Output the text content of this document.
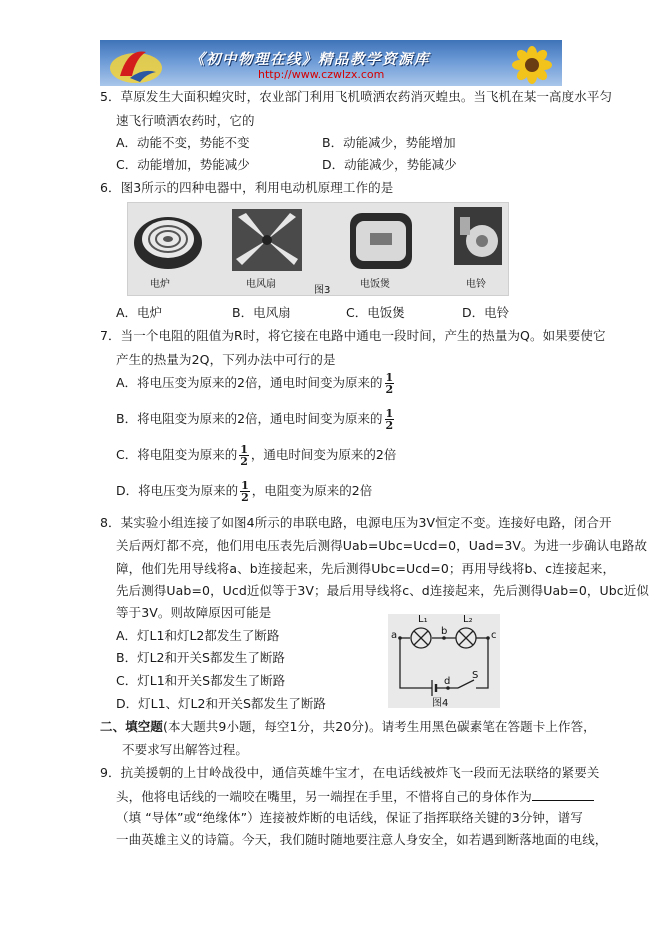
《初中物理在线》精品教学资源库
http://www.czwlzx.com
5．草原发生大面积蝗灾时，农业部门利用飞机喷洒农药消灭蝗虫。当飞机在某一高度水平匀
速飞行喷洒农药时，它的
A．动能不变，势能不变	B．动能减少，势能增加
C．动能增加，势能减少	D．动能减少，势能减少
6．图3所示的四种电器中，利用电动机原理工作的是
电炉	电风扇
图3
电饭煲	电铃
A．电炉	B．电风扇	C．电饭煲	D．电铃
7．当一个电阻的阻值为R时，将它接在电路中通电一段时间，产生的热量为Q。如果要使它
产生的热量为2Q，下列办法中可行的是
A．将电压变为原来的2倍，通电时间变为原来的 $\frac{1}{2}$
B．将电阻变为原来的2倍，通电时间变为原来的 $\frac{1}{2}$
C．将电阻变为原来的 $\frac{1}{2}$ ，通电时间变为原来的2倍
D．将电压变为原来的 $\frac{1}{2}$ ，电阻变为原来的2倍
8．某实验小组连接了如图4所示的串联电路，电源电压为3V恒定不变。连接好电路，闭合开
关后两灯都不亮，他们用电压表先后测得Uab=Ubc=Ucd=0，Uad=3V。为进一步确认电路故
障，他们先用导线将a、b连接起来，先后测得Ubc=Ucd=0；再用导线将b、c连接起来，
先后测得Uab=0，Ucd近似等于3V；最后用导线将c、d连接起来，先后测得Uab=0，Ubc近似
等于3V。则故障原因可能是
A．灯L1和灯L2都发生了断路
B．灯L2和开关S都发生了断路
C．灯L1和开关S都发生了断路
D．灯L1、灯L2和开关S都发生了断路
a
L₁
b
L₂
c
d
S
图4
二、填空题(本大题共9小题，每空1分，共20分)。请考生用黑色碳素笔在答题卡上作答，
不要求写出解答过程。
9．抗美援朝的上甘岭战役中，通信英雄牛宝才，在电话线被炸飞一段而无法联络的紧要关
头，他将电话线的一端咬在嘴里，另一端捏在手里，不惜将自己的身体作为
（填 “导体”或“绝缘体”）连接被炸断的电话线，保证了指挥联络关键的3分钟，谱写
一曲英雄主义的诗篇。今天，我们随时随地要注意人身安全，如若遇到断落地面的电线，
